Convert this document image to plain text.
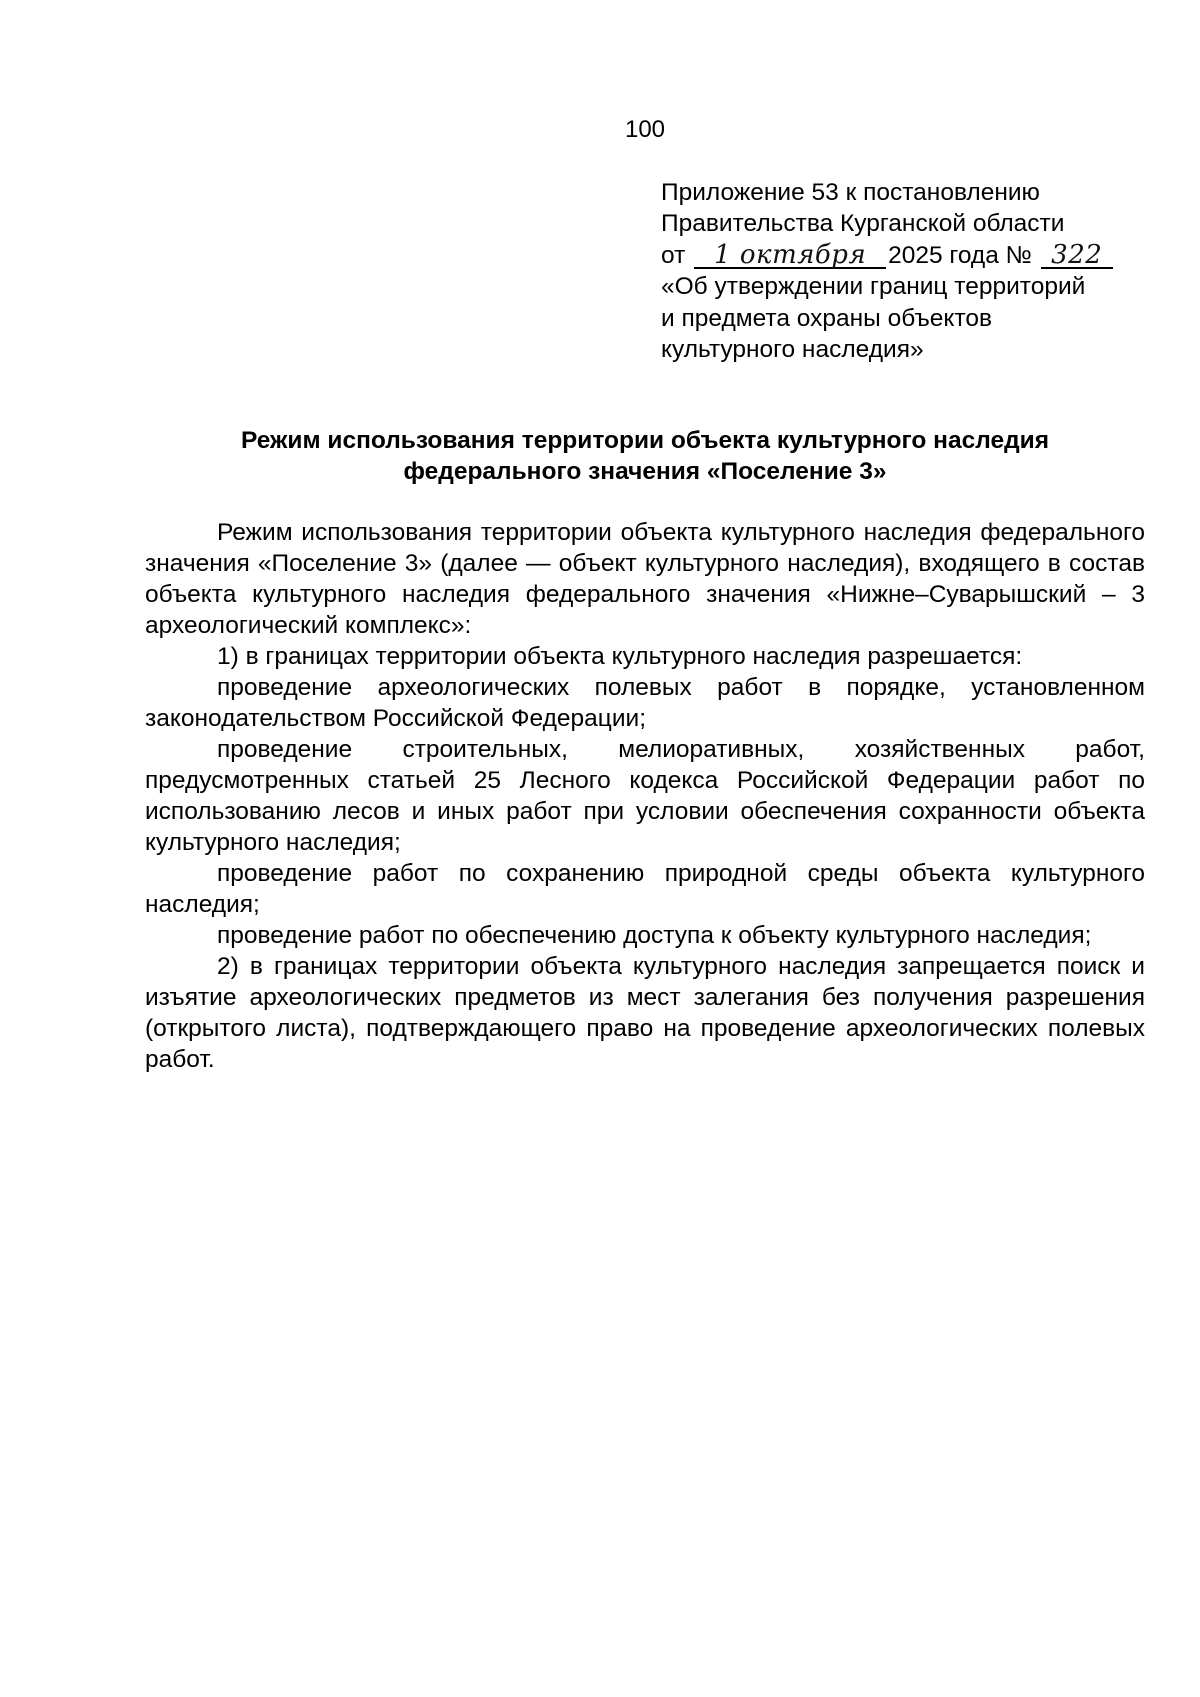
100
Приложение 53 к постановлению
Правительства Курганской области
от 1 октября 2025 года № 322
«Об утверждении границ территорий
и предмета охраны объектов
культурного наследия»
Режим использования территории объекта культурного наследия
федерального значения «Поселение 3»

Режим использования территории объекта культурного наследия федерального значения «Поселение 3» (далее — объект культурного наследия), входящего в состав объекта культурного наследия федерального значения «Нижне–Суварышский – 3 археологический комплекс»:

1) в границах территории объекта культурного наследия разрешается:

проведение археологических полевых работ в порядке, установленном законодательством Российской Федерации;

проведение строительных, мелиоративных, хозяйственных работ, предусмотренных статьей 25 Лесного кодекса Российской Федерации работ по использованию лесов и иных работ при условии обеспечения сохранности объекта культурного наследия;

проведение работ по сохранению природной среды объекта культурного наследия;

проведение работ по обеспечению доступа к объекту культурного наследия;

2) в границах территории объекта культурного наследия запрещается поиск и изъятие археологических предметов из мест залегания без получения разрешения (открытого листа), подтверждающего право на проведение археологических полевых работ.
